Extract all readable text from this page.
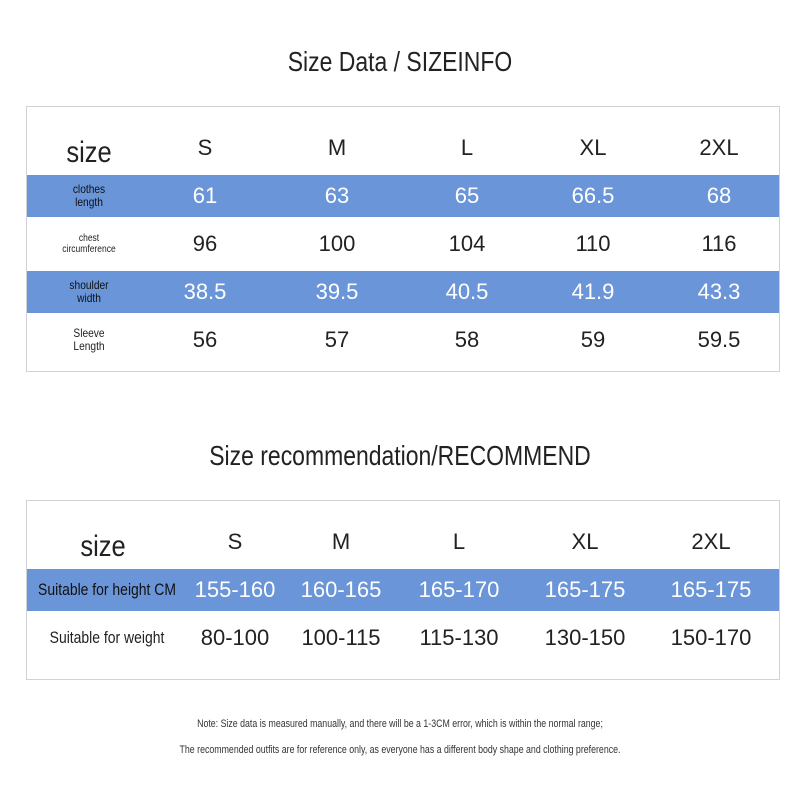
Size Data / SIZEINFO
size	S	M	L	XL	2XL
clothes
length	61	63	65	66.5	68
chest
circumference	96	100	104	110	116
shoulder
width	38.5	39.5	40.5	41.9	43.3
Sleeve
Length	56	57	58	59	59.5
Size recommendation/RECOMMEND
size	S	M	L	XL	2XL
Suitable for height CM 155-160	160-165	165-170	165-175	165-175
Suitable for weight	80-100	100-115	115-130	130-150	150-170
Note: Size data is measured manually, and there will be a 1-3CM error, which is within the normal range;
The recommended outfits are for reference only, as everyone has a different body shape and clothing preference.
